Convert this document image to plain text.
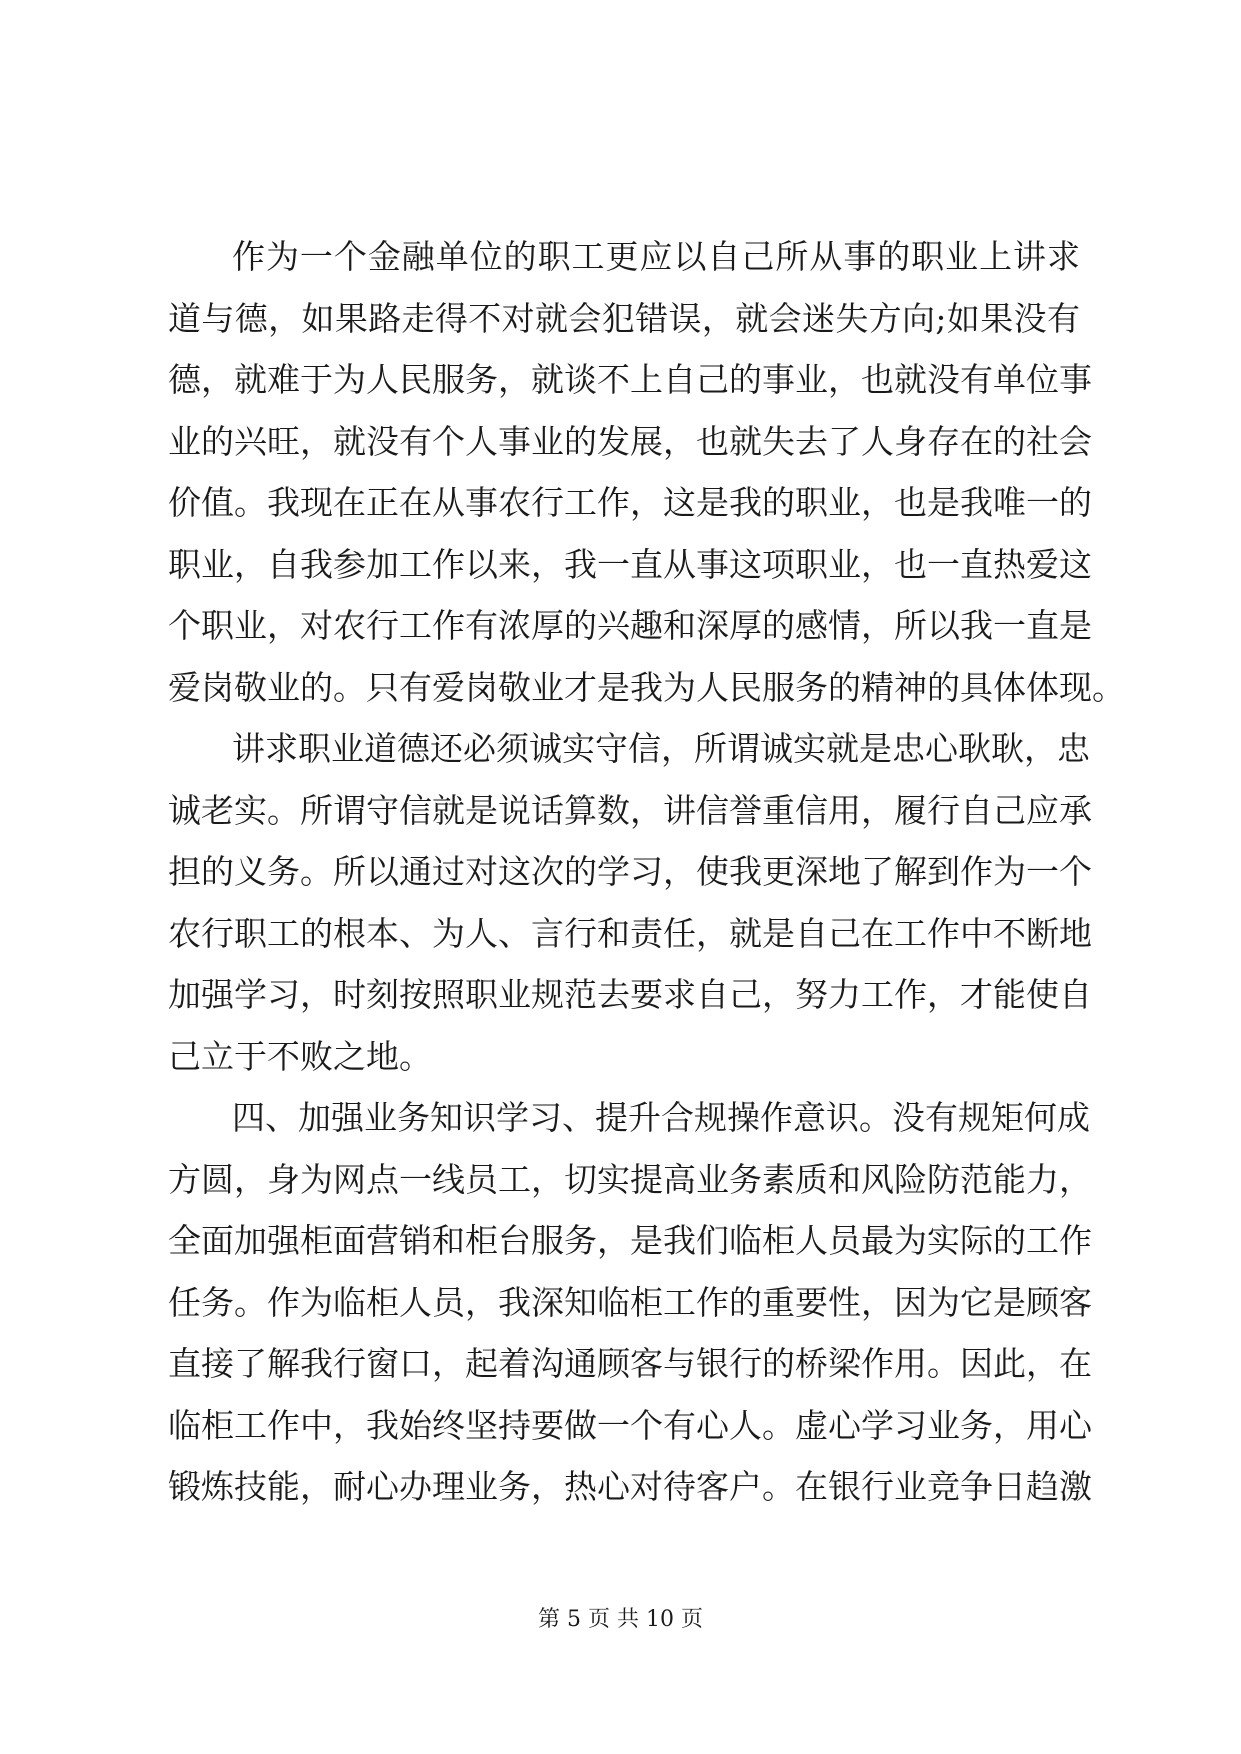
作为一个金融单位的职工更应以自己所从事的职业上讲求
道与德，如果路走得不对就会犯错误，就会迷失方向;如果没有
德，就难于为人民服务，就谈不上自己的事业，也就没有单位事
业的兴旺，就没有个人事业的发展，也就失去了人身存在的社会
价值。我现在正在从事农行工作，这是我的职业，也是我唯一的
职业，自我参加工作以来，我一直从事这项职业，也一直热爱这
个职业，对农行工作有浓厚的兴趣和深厚的感情，所以我一直是
爱岗敬业的。只有爱岗敬业才是我为人民服务的精神的具体体现。
讲求职业道德还必须诚实守信，所谓诚实就是忠心耿耿，忠
诚老实。所谓守信就是说话算数，讲信誉重信用，履行自己应承
担的义务。所以通过对这次的学习，使我更深地了解到作为一个
农行职工的根本、为人、言行和责任，就是自己在工作中不断地
加强学习，时刻按照职业规范去要求自己，努力工作，才能使自
己立于不败之地。
四、加强业务知识学习、提升合规操作意识。没有规矩何成
方圆，身为网点一线员工，切实提高业务素质和风险防范能力，
全面加强柜面营销和柜台服务，是我们临柜人员最为实际的工作
任务。作为临柜人员，我深知临柜工作的重要性，因为它是顾客
直接了解我行窗口，起着沟通顾客与银行的桥梁作用。因此，在
临柜工作中，我始终坚持要做一个有心人。虚心学习业务，用心
锻炼技能，耐心办理业务，热心对待客户。在银行业竞争日趋激
第 5 页 共 10 页
